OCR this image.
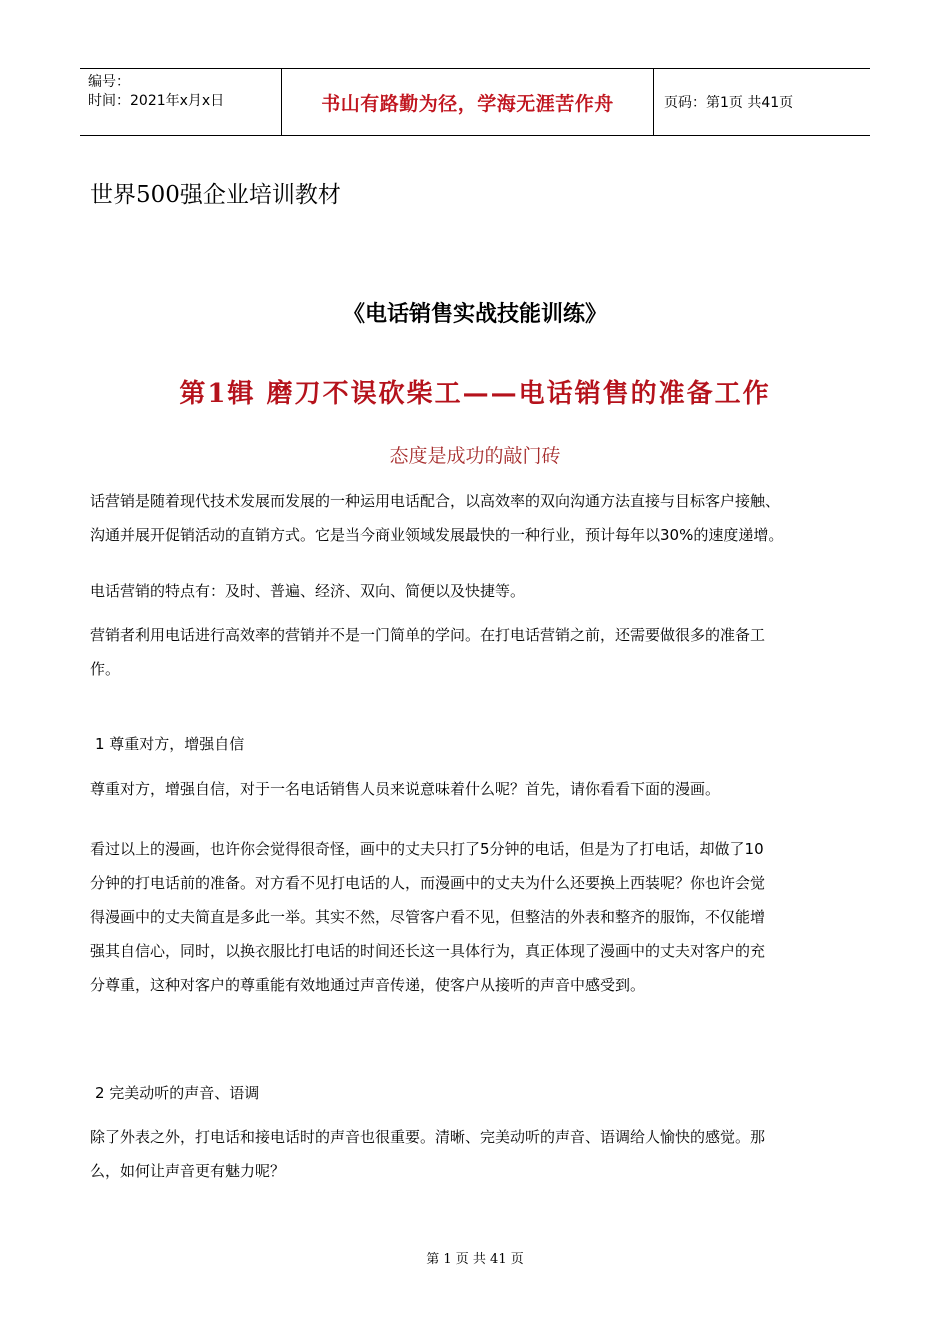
编号：
时间：2021年x月x日	书山有路勤为径，学海无涯苦作舟	页码：第1页 共41页
世界500强企业培训教材
《电话销售实战技能训练》
第1辑 磨刀不误砍柴工——电话销售的准备工作
态度是成功的敲门砖
话营销是随着现代技术发展而发展的一种运用电话配合，以高效率的双向沟通方法直接与目标客户接触、
沟通并展开促销活动的直销方式。它是当今商业领域发展最快的一种行业，预计每年以30%的速度递增。
电话营销的特点有：及时、普遍、经济、双向、简便以及快捷等。
营销者利用电话进行高效率的营销并不是一门简单的学问。在打电话营销之前，还需要做很多的准备工
作。
1 尊重对方，增强自信
尊重对方，增强自信，对于一名电话销售人员来说意味着什么呢？首先，请你看看下面的漫画。
看过以上的漫画，也许你会觉得很奇怪，画中的丈夫只打了5分钟的电话，但是为了打电话，却做了10
分钟的打电话前的准备。对方看不见打电话的人，而漫画中的丈夫为什么还要换上西装呢？你也许会觉
得漫画中的丈夫简直是多此一举。其实不然，尽管客户看不见，但整洁的外表和整齐的服饰，不仅能增
强其自信心，同时，以换衣服比打电话的时间还长这一具体行为，真正体现了漫画中的丈夫对客户的充
分尊重，这种对客户的尊重能有效地通过声音传递，使客户从接听的声音中感受到。
2 完美动听的声音、语调
除了外表之外，打电话和接电话时的声音也很重要。清晰、完美动听的声音、语调给人愉快的感觉。那
么，如何让声音更有魅力呢？
第 1 页 共 41 页
